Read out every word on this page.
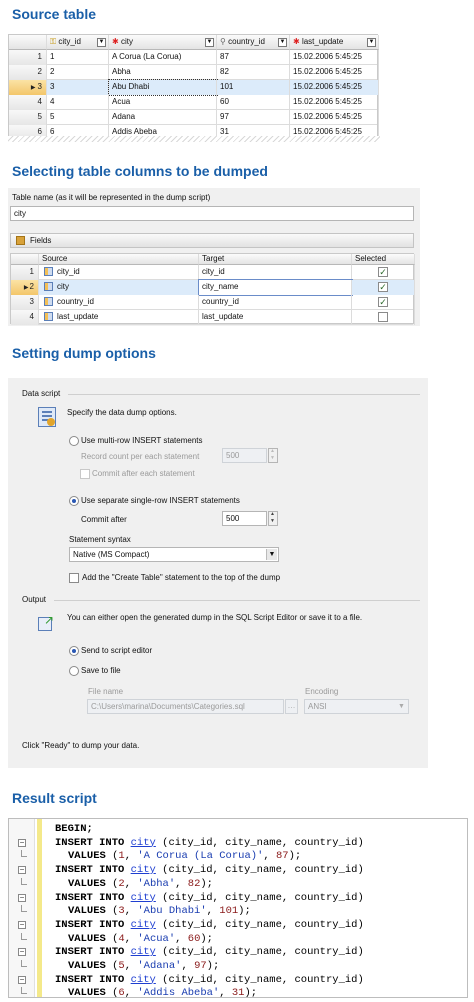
Source table
⚿ city_id	▼ ✱ city	▼ ⚲ country_id ▼ ✱ last_update	▼
1	1	A Corua (La Corua)	87	15.02.2006 5:45:25
2	2	Abha	82	15.02.2006 5:45:25
▶ 3	3	Abu Dhabi	101	15.02.2006 5:45:25
4	4	Acua	60	15.02.2006 5:45:25
5	5	Adana	97	15.02.2006 5:45:25
6	6	Addis Abeba	31	15.02.2006 5:45:25
Selecting table columns to be dumped
Table name (as it will be represented in the dump script)
city
Fields
Source	Target	Selected
1	city_id	city_id	✓
▶2	city	city_name	✓
3	country_id	country_id	✓
4	last_update	last_update
Setting dump options
Data script
Specify the data dump options.
Use multi-row INSERT statements
Record count per each statement	500
▲ ▼
Commit after each statement
Use separate single-row INSERT statements
Commit after	500
▲ ▼
Statement syntax
Native (MS Compact)	▼
Add the "Create Table" statement to the top of the dump
Output
↗ You can either open the generated dump in the SQL Script Editor or save it to a file.
Send to script editor
Save to file
File name
C:\Users\marina\Documents\Categories.sql	…
Encoding
ANSI	▼
Click "Ready" to dump your data.
Result script
BEGIN;
−	INSERT INTO city (city_id, city_name, country_id)
VALUES (1, 'A Corua (La Corua)', 87);
−	INSERT INTO city (city_id, city_name, country_id)
VALUES (2, 'Abha', 82);
−	INSERT INTO city (city_id, city_name, country_id)
VALUES (3, 'Abu Dhabi', 101);
−	INSERT INTO city (city_id, city_name, country_id)
VALUES (4, 'Acua', 60);
−	INSERT INTO city (city_id, city_name, country_id)
VALUES (5, 'Adana', 97);
−	INSERT INTO city (city_id, city_name, country_id)
VALUES (6, 'Addis Abeba', 31);
